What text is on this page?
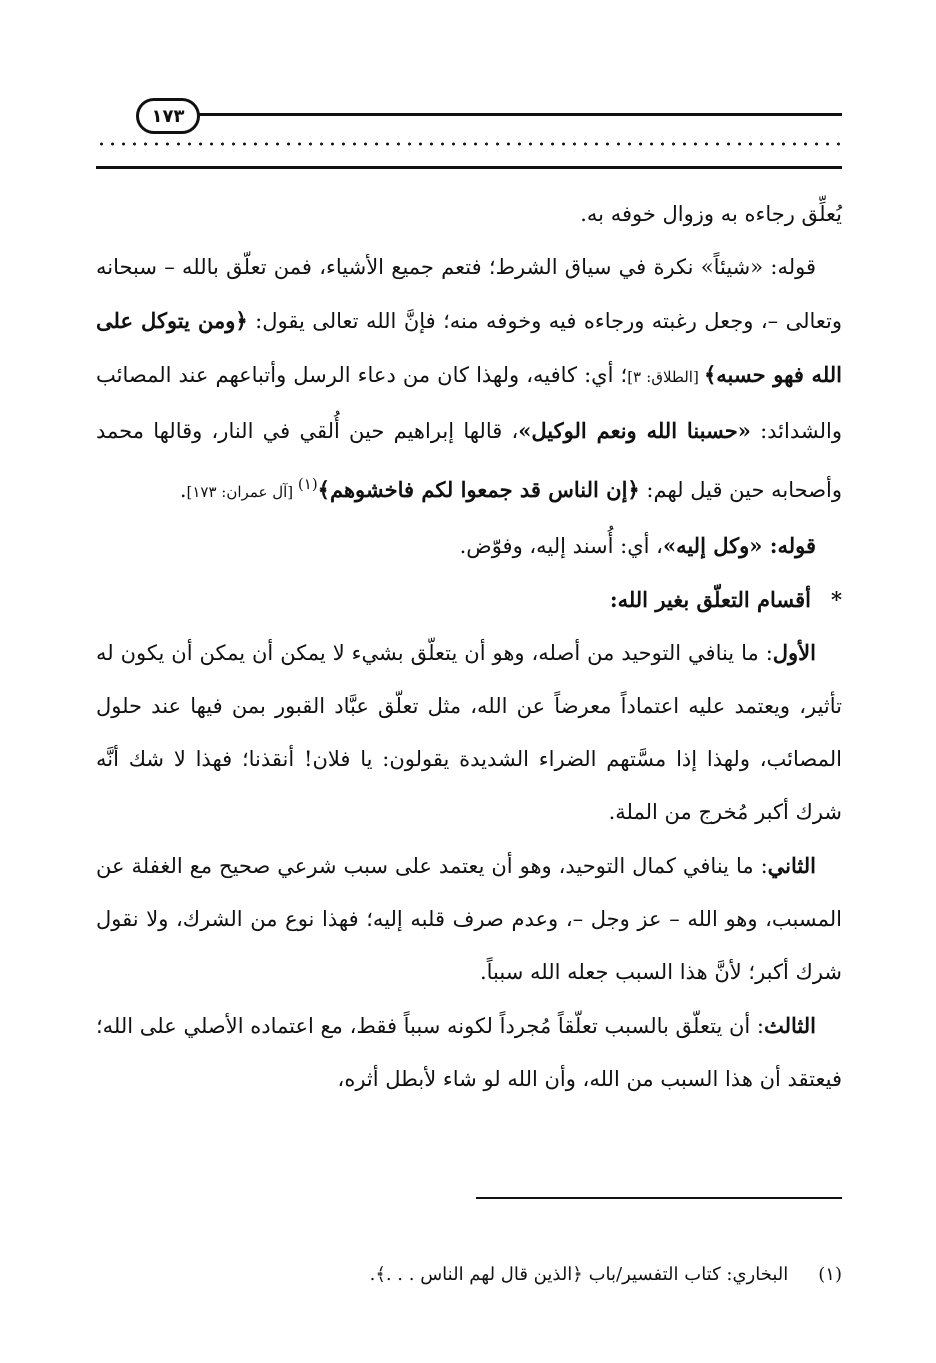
١٧٣

يُعلِّق رجاءه به وزوال خوفه به.

قوله: «شيئاً» نكرة في سياق الشرط؛ فتعم جميع الأشياء، فمن تعلّق بالله – سبحانه وتعالى –، وجعل رغبته ورجاءه فيه وخوفه منه؛ فإنَّ الله تعالى يقول: ﴿ومن يتوكل على الله فهو حسبه﴾ [الطلاق: ٣]؛ أي: كافيه، ولهذا كان من دعاء الرسل وأتباعهم عند المصائب والشدائد: «حسبنا الله ونعم الوكيل»، قالها إبراهيم حين أُلقي في النار، وقالها محمد وأصحابه حين قيل لهم: ﴿إن الناس قد جمعوا لكم فاخشوهم﴾$^{(١)}$ [آل عمران: ١٧٣].

قوله: «وكل إليه»، أي: أُسند إليه، وفوّض.

*أقسام التعلّق بغير الله:

الأول: ما ينافي التوحيد من أصله، وهو أن يتعلّق بشيء لا يمكن أن يمكن أن يكون له تأثير، ويعتمد عليه اعتماداً معرضاً عن الله، مثل تعلّق عبَّاد القبور بمن فيها عند حلول المصائب، ولهذا إذا مسَّتهم الضراء الشديدة يقولون: يا فلان! أنقذنا؛ فهذا لا شك أنَّه شرك أكبر مُخرج من الملة.

الثاني: ما ينافي كمال التوحيد، وهو أن يعتمد على سبب شرعي صحيح مع الغفلة عن المسبب، وهو الله – عز وجل –، وعدم صرف قلبه إليه؛ فهذا نوع من الشرك، ولا نقول شرك أكبر؛ لأنَّ هذا السبب جعله الله سبباً.

الثالث: أن يتعلّق بالسبب تعلّقاً مُجرداً لكونه سبباً فقط، مع اعتماده الأصلي على الله؛ فيعتقد أن هذا السبب من الله، وأن الله لو شاء لأبطل أثره،

(١)البخاري: كتاب التفسير/باب ﴿الذين قال لهم الناس . . .﴾.
